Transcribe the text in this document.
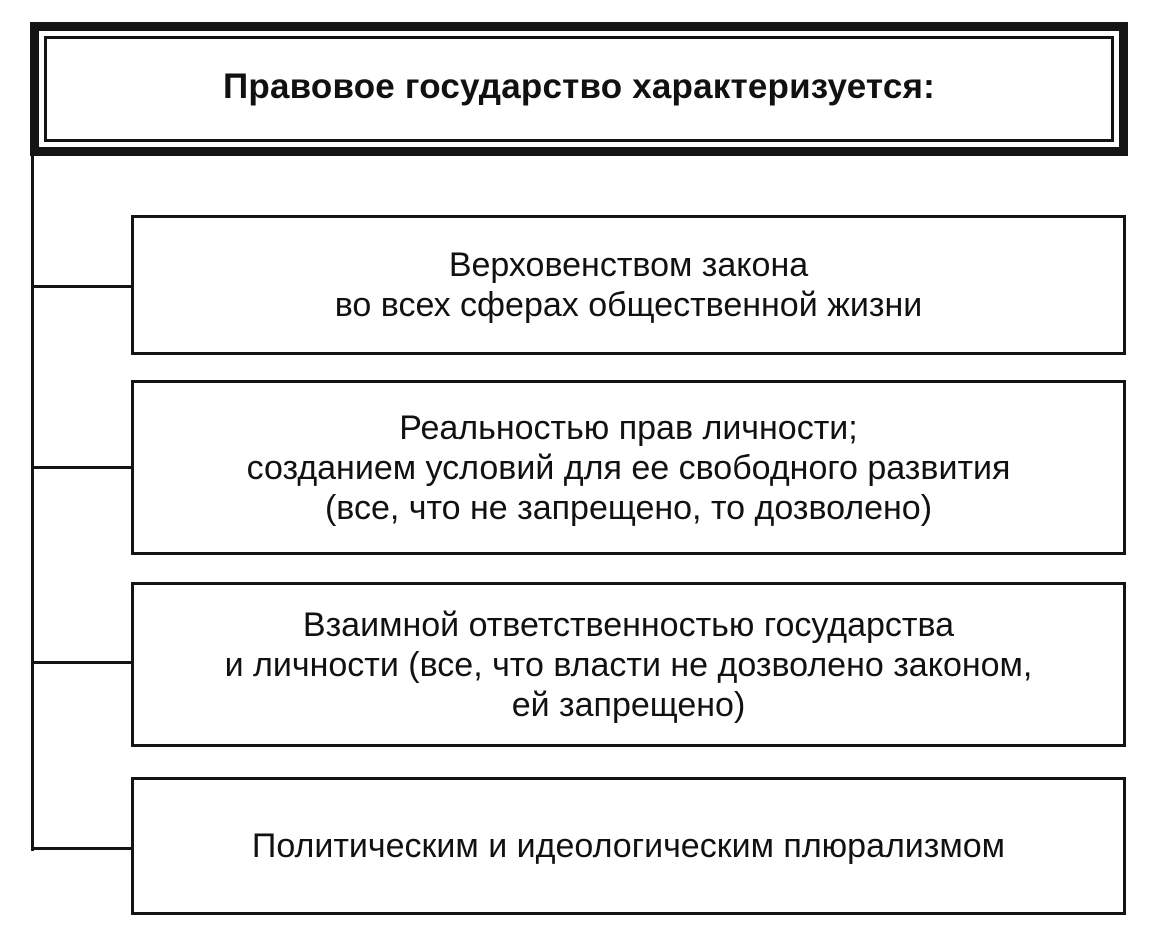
Правовое государство характеризуется:
Верховенством закона
во всех сферах общественной жизни
Реальностью прав личности;
созданием условий для ее свободного развития
(все, что не запрещено, то дозволено)
Взаимной ответственностью государства
и личности (все, что власти не дозволено законом,
ей запрещено)
Политическим и идеологическим плюрализмом
